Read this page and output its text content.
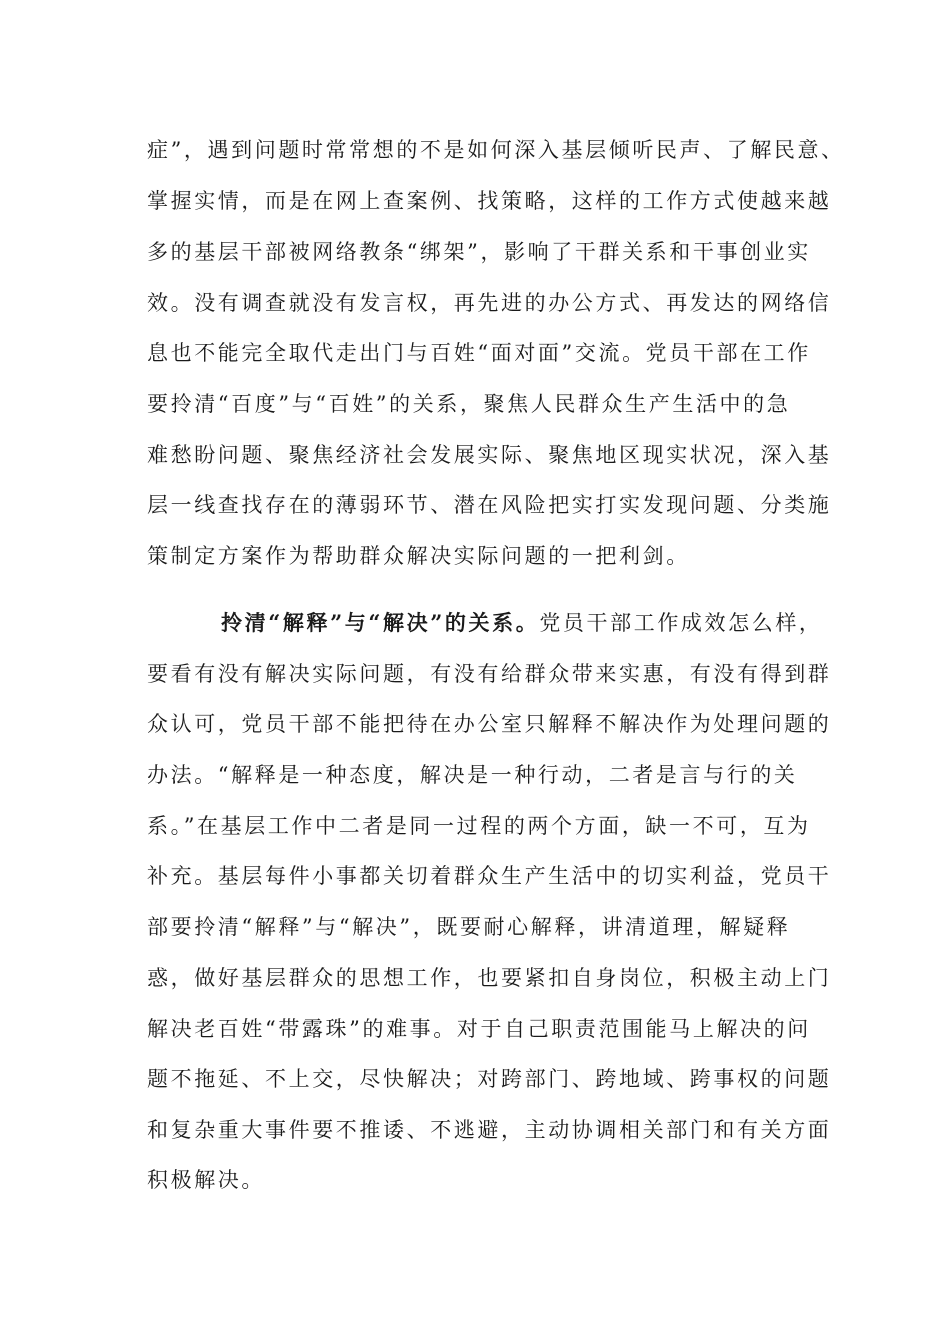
症”，遇到问题时常常想的不是如何深入基层倾听民声、了解民意、
掌握实情，而是在网上查案例、找策略，这样的工作方式使越来越
多的基层干部被网络教条“绑架”，影响了干群关系和干事创业实
效。没有调查就没有发言权，再先进的办公方式、再发达的网络信
息也不能完全取代走出门与百姓“面对面”交流。党员干部在工作
要拎清“百度”与“百姓”的关系，聚焦人民群众生产生活中的急
难愁盼问题、聚焦经济社会发展实际、聚焦地区现实状况，深入基
层一线查找存在的薄弱环节、潜在风险把实打实发现问题、分类施
策制定方案作为帮助群众解决实际问题的一把利剑。
拎清“解释”与“解决”的关系。党员干部工作成效怎么样，
要看有没有解决实际问题，有没有给群众带来实惠，有没有得到群
众认可，党员干部不能把待在办公室只解释不解决作为处理问题的
办法。“解释是一种态度，解决是一种行动，二者是言与行的关
系。”在基层工作中二者是同一过程的两个方面，缺一不可，互为
补充。基层每件小事都关切着群众生产生活中的切实利益，党员干
部要拎清“解释”与“解决”，既要耐心解释，讲清道理，解疑释
惑，做好基层群众的思想工作，也要紧扣自身岗位，积极主动上门
解决老百姓“带露珠”的难事。对于自己职责范围能马上解决的问
题不拖延、不上交，尽快解决；对跨部门、跨地域、跨事权的问题
和复杂重大事件要不推诿、不逃避，主动协调相关部门和有关方面
积极解决。
